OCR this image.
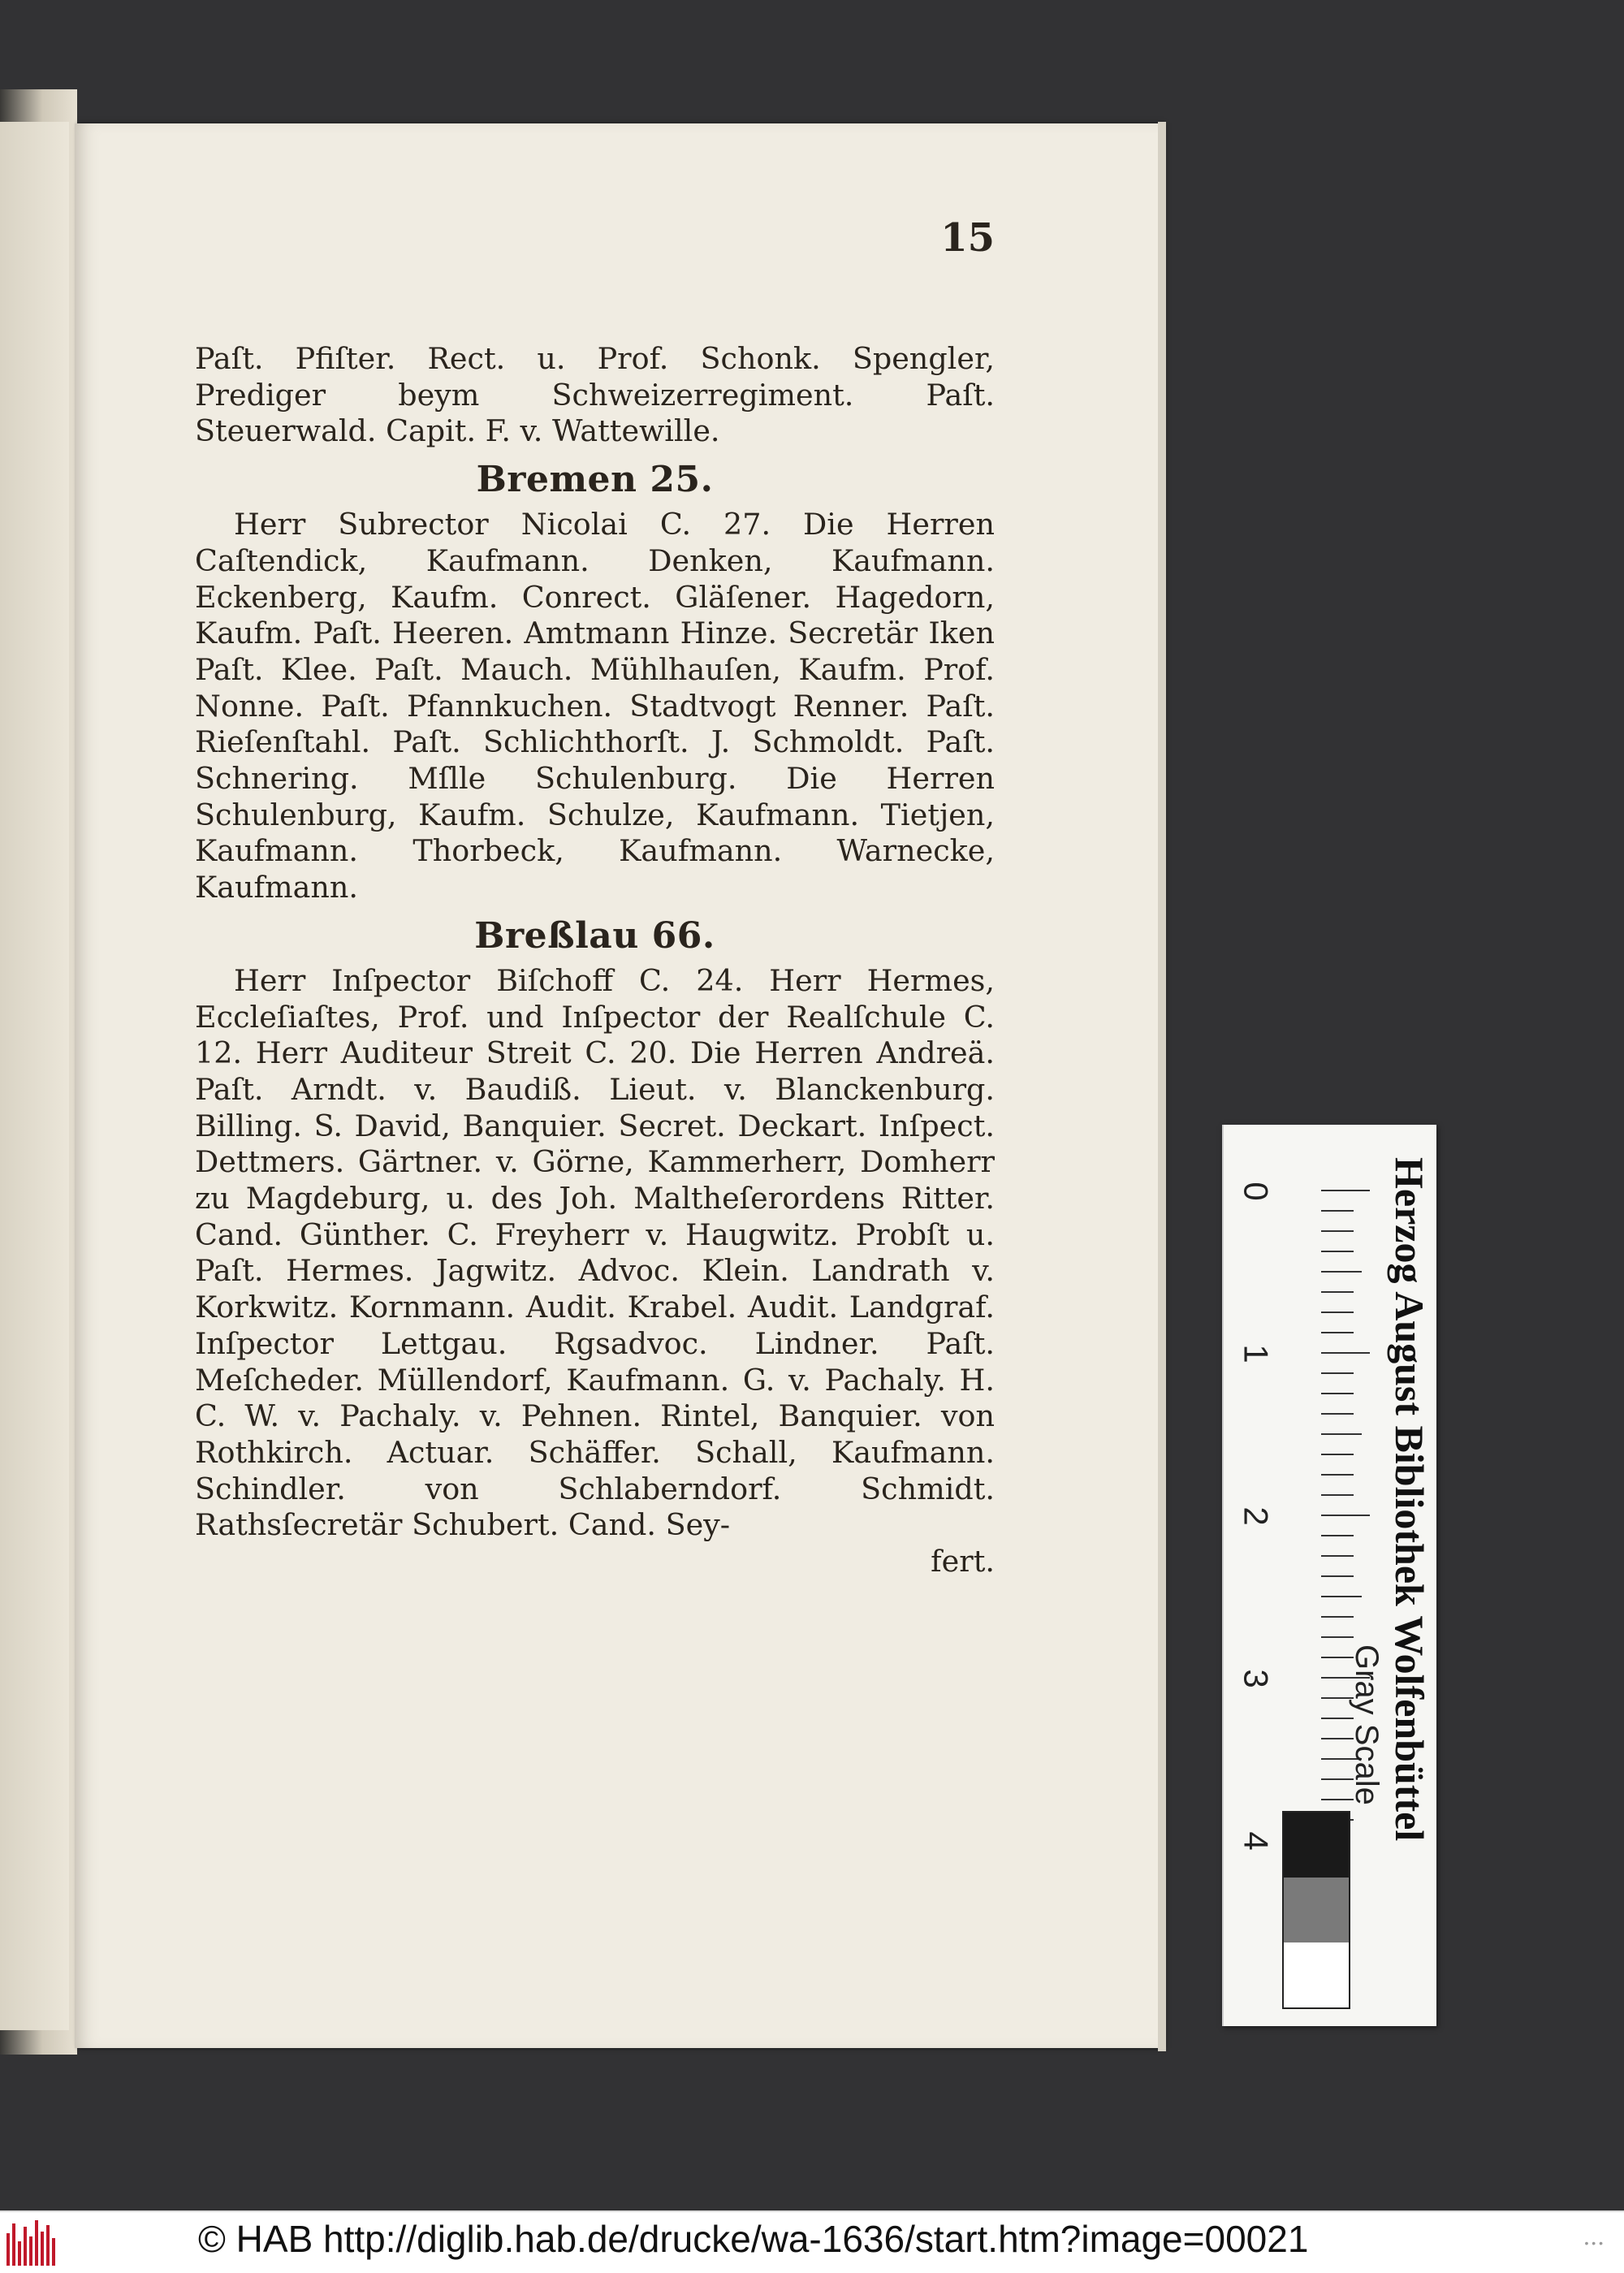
15

Paſt. Pfiſter. Rect. u. Prof. Schonk. Spengler, Prediger beym Schweizerregiment. Paſt. Steuerwald. Capit. F. v. Wattewille.

Bremen 25.

Herr Subrector Nicolai C. 27. Die Herren Caſtendick, Kaufmann. Denken, Kaufmann. Eckenberg, Kaufm. Conrect. Gläſener. Hagedorn, Kaufm. Paſt. Heeren. Amtmann Hinze. Secretär Iken Paſt. Klee. Paſt. Mauch. Mühlhauſen, Kaufm. Prof. Nonne. Paſt. Pfannkuchen. Stadtvogt Renner. Paſt. Rieſenſtahl. Paſt. Schlichthorſt. J. Schmoldt. Paſt. Schnering. Mſlle Schulenburg. Die Herren Schulenburg, Kaufm. Schulze, Kaufmann. Tietjen, Kaufmann. Thorbeck, Kaufmann. Warnecke, Kaufmann.

Breßlau 66.

Herr Inſpector Biſchoff C. 24. Herr Hermes, Eccleſiaſtes, Prof. und Inſpector der Realſchule C. 12. Herr Auditeur Streit C. 20. Die Herren Andreä. Paſt. Arndt. v. Baudiß. Lieut. v. Blanckenburg. Billing. S. David, Banquier. Secret. Deckart. Inſpect. Dettmers. Gärtner. v. Görne, Kammerherr, Domherr zu Magdeburg, u. des Joh. Maltheſerordens Ritter. Cand. Günther. C. Freyherr v. Haugwitz. Probſt u. Paſt. Hermes. Jagwitz. Advoc. Klein. Landrath v. Korkwitz. Kornmann. Audit. Krabel. Audit. Landgraf. Inſpector Lettgau. Rgsadvoc. Lindner. Paſt. Meſcheder. Müllendorf, Kaufmann. G. v. Pachaly. H. C. W. v. Pachaly. v. Pehnen. Rintel, Banquier. von Rothkirch. Actuar. Schäffer. Schall, Kaufmann. Schindler. von Schlaberndorf. Schmidt. Rathsſecretär Schubert. Cand. Sey-

fert.	Herzog August Bibliothek Wolfenbüttel
0
1
2
3
4
Gray Scale
© HAB http://diglib.hab.de/drucke/wa-1636/start.htm?image=00021	• • •
